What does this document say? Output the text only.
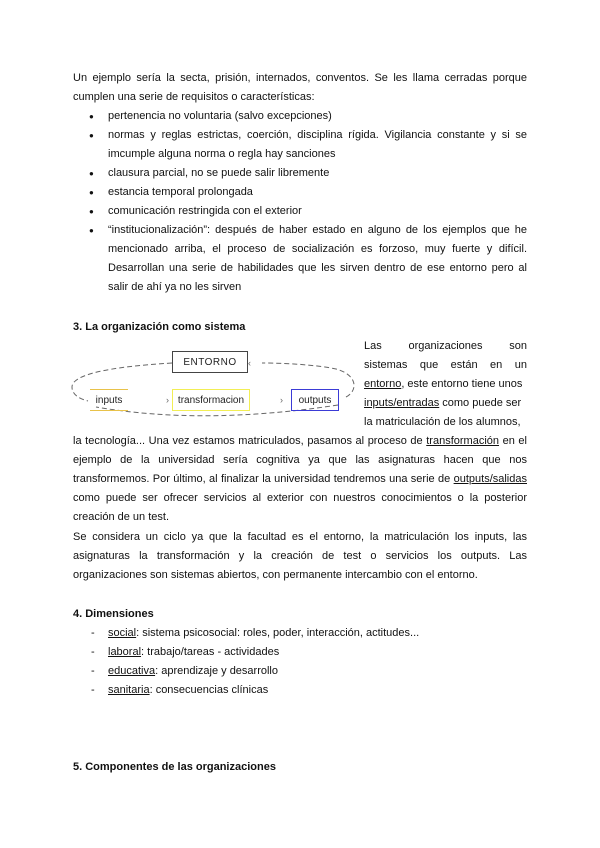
Un ejemplo sería la secta, prisión, internados, conventos. Se les llama cerradas porque
cumplen una serie de requisitos o características:
● pertenencia no voluntaria (salvo excepciones)
● normas y reglas estrictas, coerción, disciplina rígida. Vigilancia constante y si se imcumple alguna norma o regla hay sanciones
● clausura parcial, no se puede salir libremente
● estancia temporal prolongada
● comunicación restringida con el exterior
● “institucionalización”: después de haber estado en alguno de los ejemplos que he mencionado arriba, el proceso de socialización es forzoso, muy fuerte y difícil. Desarrollan una serie de habilidades que les sirven dentro de ese entorno pero al salir de ahí ya no les sirven
3. La organización como sistema
›	›
‹
ENTORNO
inputs	transformacion	outputs
Las organizaciones son
sistemas que están en un
entorno, este entorno tiene unos
inputs/entradas como puede ser
la matriculación de los alumnos,

la tecnología... Una vez estamos matriculados, pasamos al proceso de transformación en el ejemplo de la universidad sería cognitiva ya que las asignaturas hacen que nos transformemos. Por último, al finalizar la universidad tendremos una serie de outputs/salidas como puede ser ofrecer servicios al exterior con nuestros conocimientos o la posterior creación de un test.

Se considera un ciclo ya que la facultad es el entorno, la matriculación los inputs, las asignaturas la transformación y la creación de test o servicios los outputs. Las organizaciones son sistemas abiertos, con permanente intercambio con el entorno.

4. Dimensiones
- social: sistema psicosocial: roles, poder, interacción, actitudes...
- laboral: trabajo/tareas - actividades
- educativa: aprendizaje y desarrollo
- sanitaria: consecuencias clínicas
5. Componentes de las organizaciones
